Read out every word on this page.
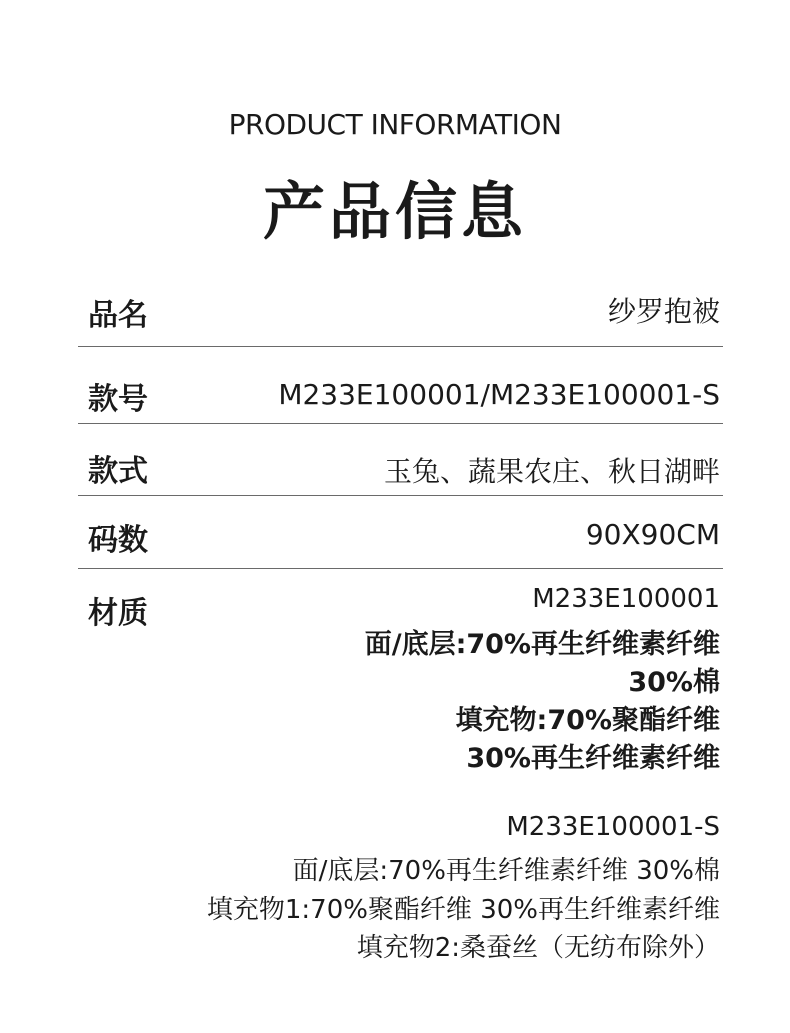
PRODUCT INFORMATION
产品信息
品名	纱罗抱被
款号	M233E100001/M233E100001-S
款式	玉兔、蔬果农庄、秋日湖畔
码数	90X90CM
材质	M233E100001
面/底层:70%再生纤维素纤维
30%棉
填充物:70%聚酯纤维
30%再生纤维素纤维
M233E100001-S
面/底层:70%再生纤维素纤维 30%棉
填充物1:70%聚酯纤维 30%再生纤维素纤维
填充物2:桑蚕丝（无纺布除外）
